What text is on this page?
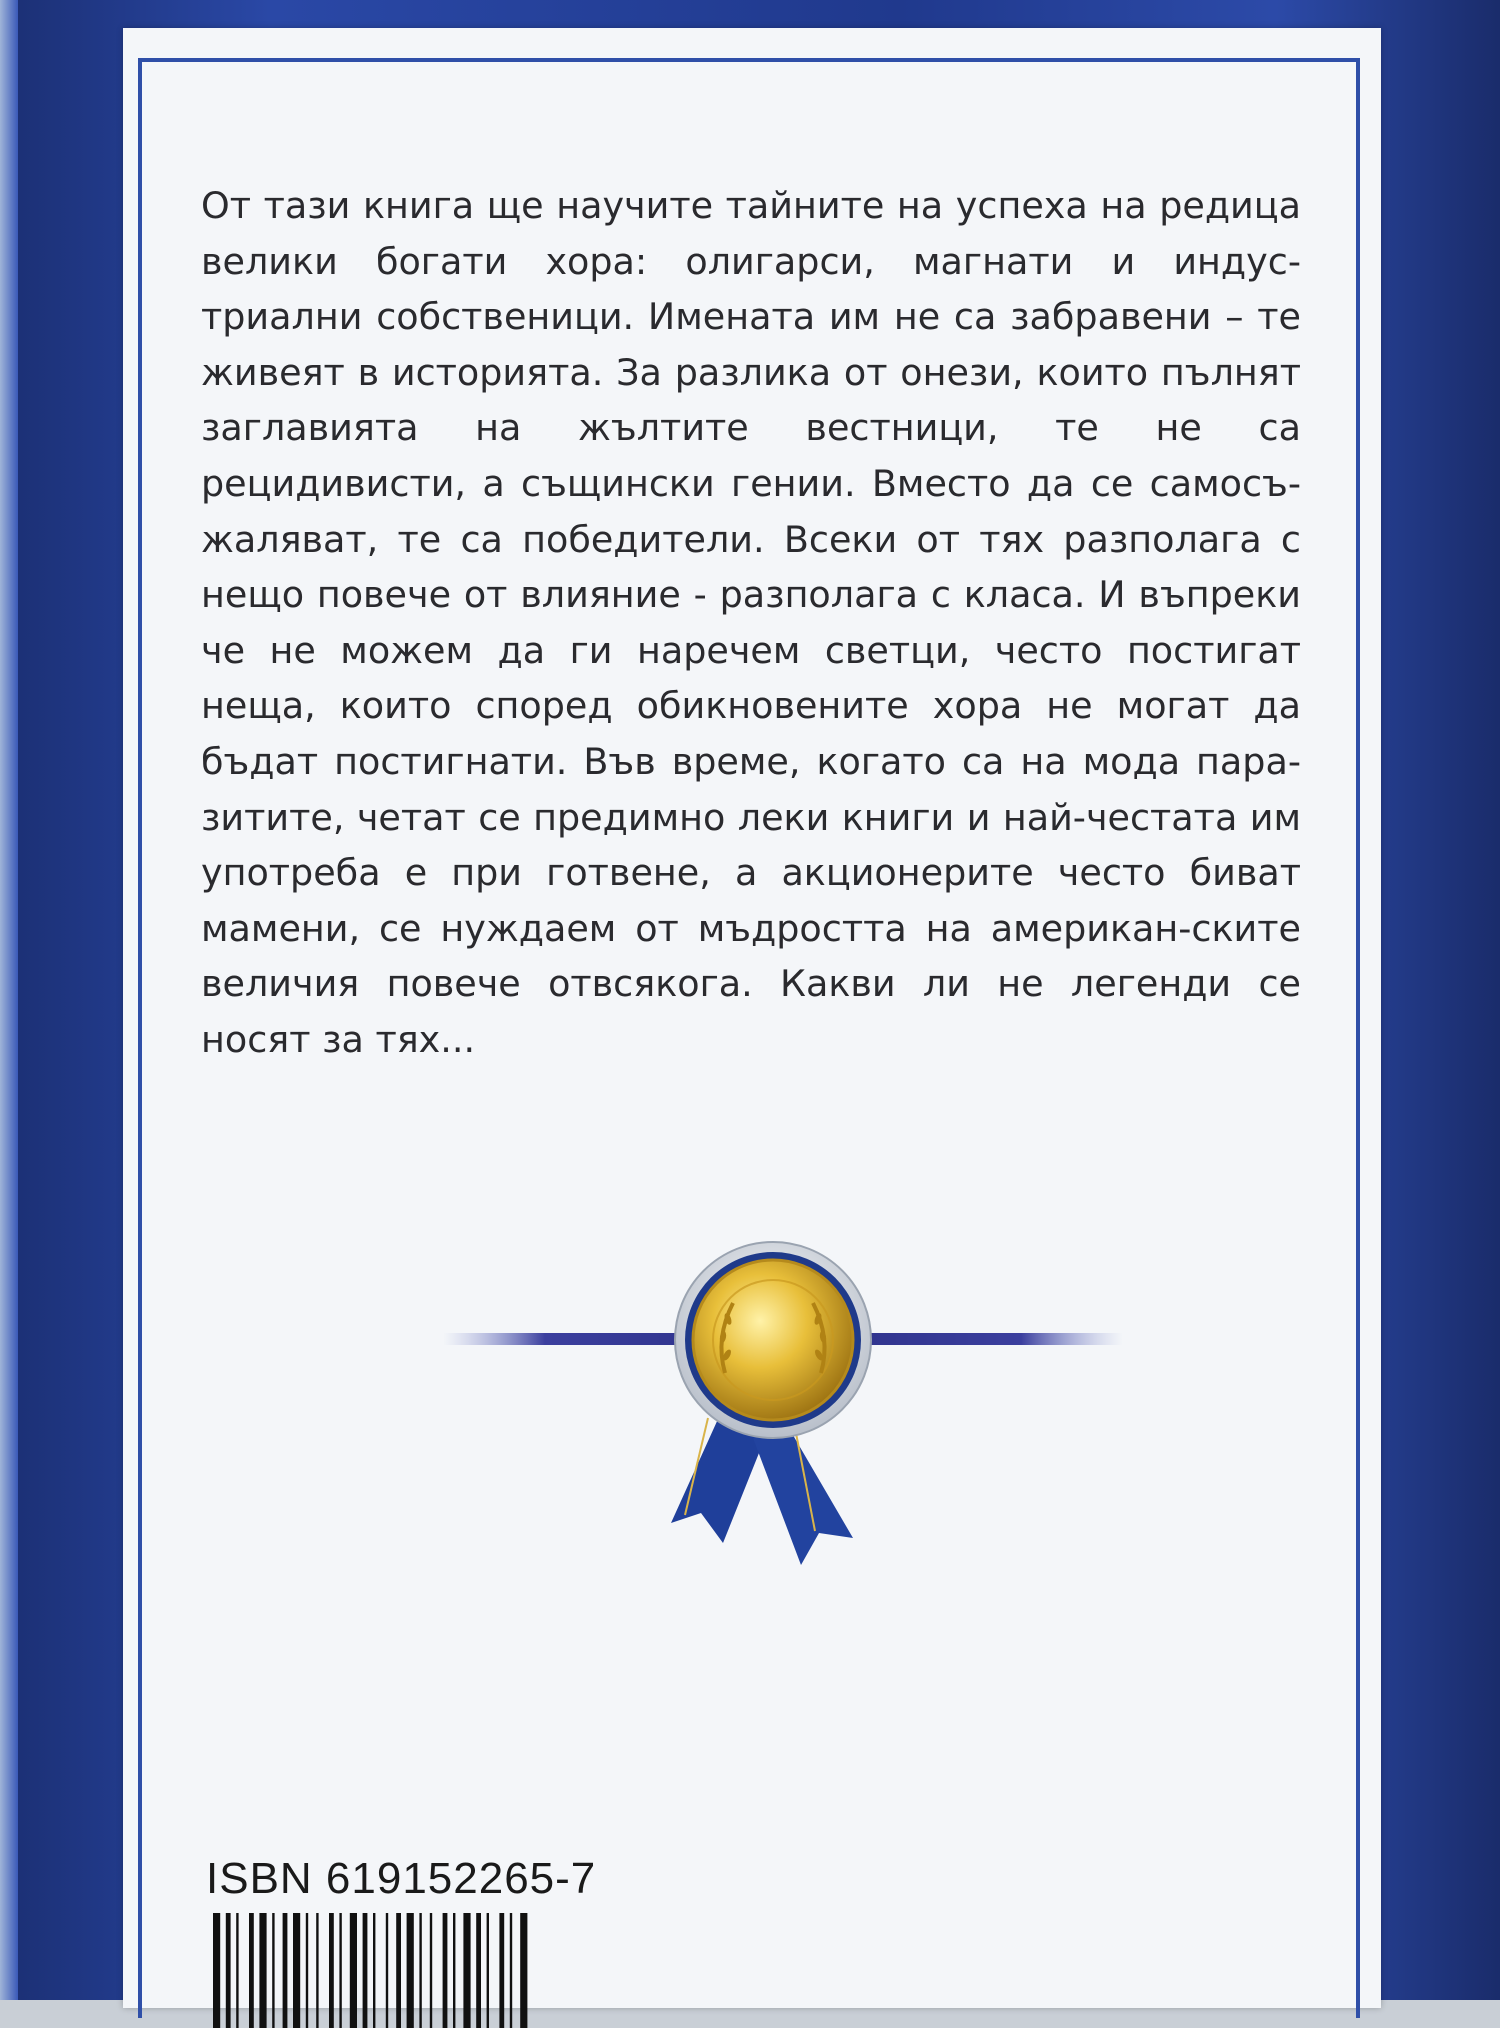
От тази книга ще научите тайните на успеха на редица велики богати хора: олигарси, магнати и индус-триални собственици. Имената им не са забравени – те живеят в историята. За разлика от онези, които пълнят заглавията на жълтите вестници, те не са рецидивисти, а същински гении. Вместо да се самосъ-жаляват, те са победители. Всеки от тях разполага с нещо повече от влияние - разполага с класа. И въпреки че не можем да ги наречем светци, често постигат неща, които според обикновените хора не могат да бъдат постигнати. Във време, когато са на мода пара-зитите, четат се предимно леки книги и най-честата им употреба е при готвене, а акционерите често биват мамени, се нуждаем от мъдростта на американ-ските величия повече отвсякога. Какви ли не легенди се носят за тях...

ISBN 619152265-7
